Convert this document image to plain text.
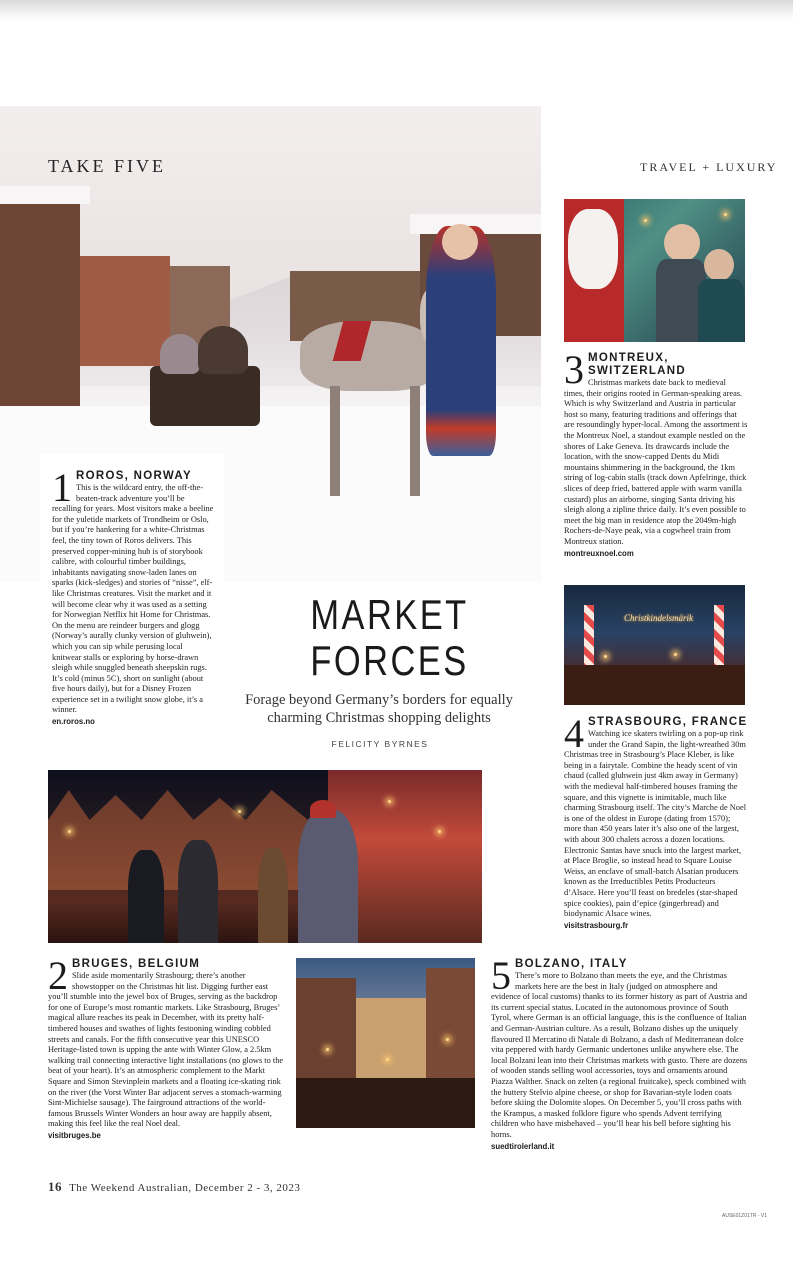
TAKE FIVE	TRAVEL + LUXURY
3 MONTREUX,
SWITZERLAND
Christmas markets date back to medieval times, their origins rooted in German-speaking areas. Which is why Switzerland and Austria in particular host so many, featuring traditions and offerings that are resoundingly hyper-local. Among the assortment is the Montreux Noel, a standout example nestled on the shores of Lake Geneva. Its drawcards include the location, with the snow-capped Dents du Midi mountains shimmering in the background, the 1km string of log-cabin stalls (track down Apfelringe, thick slices of deep fried, battered apple with warm vanilla custard) plus an airborne, singing Santa driving his sleigh along a zipline thrice daily. It’s even possible to meet the big man in residence atop the 2049m-high Rochers-de-Naye peak, via a cogwheel train from Montreux station.
montreuxnoel.com
Christkindelsmärik
4 STRASBOURG, FRANCE
Watching ice skaters twirling on a pop-up rink under the Grand Sapin, the light-wreathed 30m Christmas tree in Strasbourg’s Place Kleber, is like being in a fairytale. Combine the heady scent of vin chaud (called gluhwein just 4km away in Germany) with the medieval half-timbered houses framing the square, and this vignette is inimitable, much like charming Strasbourg itself. The city’s Marche de Noel is one of the oldest in Europe (dating from 1570); more than 450 years later it’s also one of the largest, with about 300 chalets across a dozen locations. Electronic Santas have snuck into the largest market, at Place Broglie, so instead head to Square Louise Weiss, an enclave of small-batch Alsatian producers known as the Irreductibles Petits Producteurs d’Alsace. Here you’ll feast on bredeles (star-shaped spice cookies), pain d’epice (gingerbread) and biodynamic Alsace wines.
visitstrasbourg.fr
1 ROROS, NORWAY
This is the wildcard entry, the off-the-beaten-track adventure you’ll be recalling for years. Most visitors make a beeline for the yuletide markets of Trondheim or Oslo, but if you’re hankering for a white-Christmas feel, the tiny town of Roros delivers. This preserved copper-mining hub is of storybook calibre, with colourful timber buildings, inhabitants navigating snow-laden lanes on sparks (kick-sledges) and stories of “nisse”, elf-like Christmas creatures. Visit the market and it will become clear why it was used as a setting for Norwegian Netflix hit Home for Christmas. On the menu are reindeer burgers and glogg (Norway’s aurally clunky version of gluhwein), which you can sip while perusing local knitwear stalls or exploring by horse-drawn sleigh while snuggled beneath sheepskin rugs. It’s cold (minus 5C), short on sunlight (about five hours daily), but for a Disney Frozen experience set in a twilight snow globe, it’s a winner.
en.roros.no
MARKET
FORCES
Forage beyond Germany’s borders for equally charming Christmas shopping delights
FELICITY BYRNES
2 BRUGES, BELGIUM
Slide aside momentarily Strasbourg; there’s another showstopper on the Christmas hit list. Digging further east you’ll stumble into the jewel box of Bruges, serving as the backdrop for one of Europe’s most romantic markets. Like Strasbourg, Bruges’ magical allure reaches its peak in December, with its pretty half-timbered houses and swathes of lights festooning winding cobbled streets and canals. For the fifth consecutive year this UNESCO Heritage-listed town is upping the ante with Winter Glow, a 2.5km walking trail connecting interactive light installations (no glows to the beat of your heart). It’s an atmospheric complement to the Markt Square and Simon Stevinplein markets and a floating ice-skating rink on the river (the Vorst Winter Bar adjacent serves a stomach-warming Sint-Michielse sausage). The fairground attractions of the world-famous Brussels Winter Wonders an hour away are happily absent, making this feel like the real Noel deal.
visitbruges.be
5 BOLZANO, ITALY
There’s more to Bolzano than meets the eye, and the Christmas markets here are the best in Italy (judged on atmosphere and evidence of local customs) thanks to its former history as part of Austria and its current special status. Located in the autonomous province of South Tyrol, where German is an official language, this is the confluence of Italian and German-Austrian culture. As a result, Bolzano dishes up the uniquely flavoured Il Mercatino di Natale di Bolzano, a dash of Mediterranean dolce vita peppered with hardy Germanic undertones unlike anywhere else. The local Bolzani lean into their Christmas markets with gusto. There are dozens of wooden stands selling wool accessories, toys and ornaments around Piazza Walther. Snack on zelten (a regional fruitcake), speck combined with the buttery Stelvio alpine cheese, or shop for Bavarian-style loden coats before skiing the Dolomite slopes. On December 5, you’ll cross paths with the Krampus, a masked folklore figure who spends Advent terrifying children who have misbehaved – you’ll hear his bell before sighting his horns.
suedtirolerland.it
16 The Weekend Australian, December 2 - 3, 2023
AUSE01Z01TR - V1
